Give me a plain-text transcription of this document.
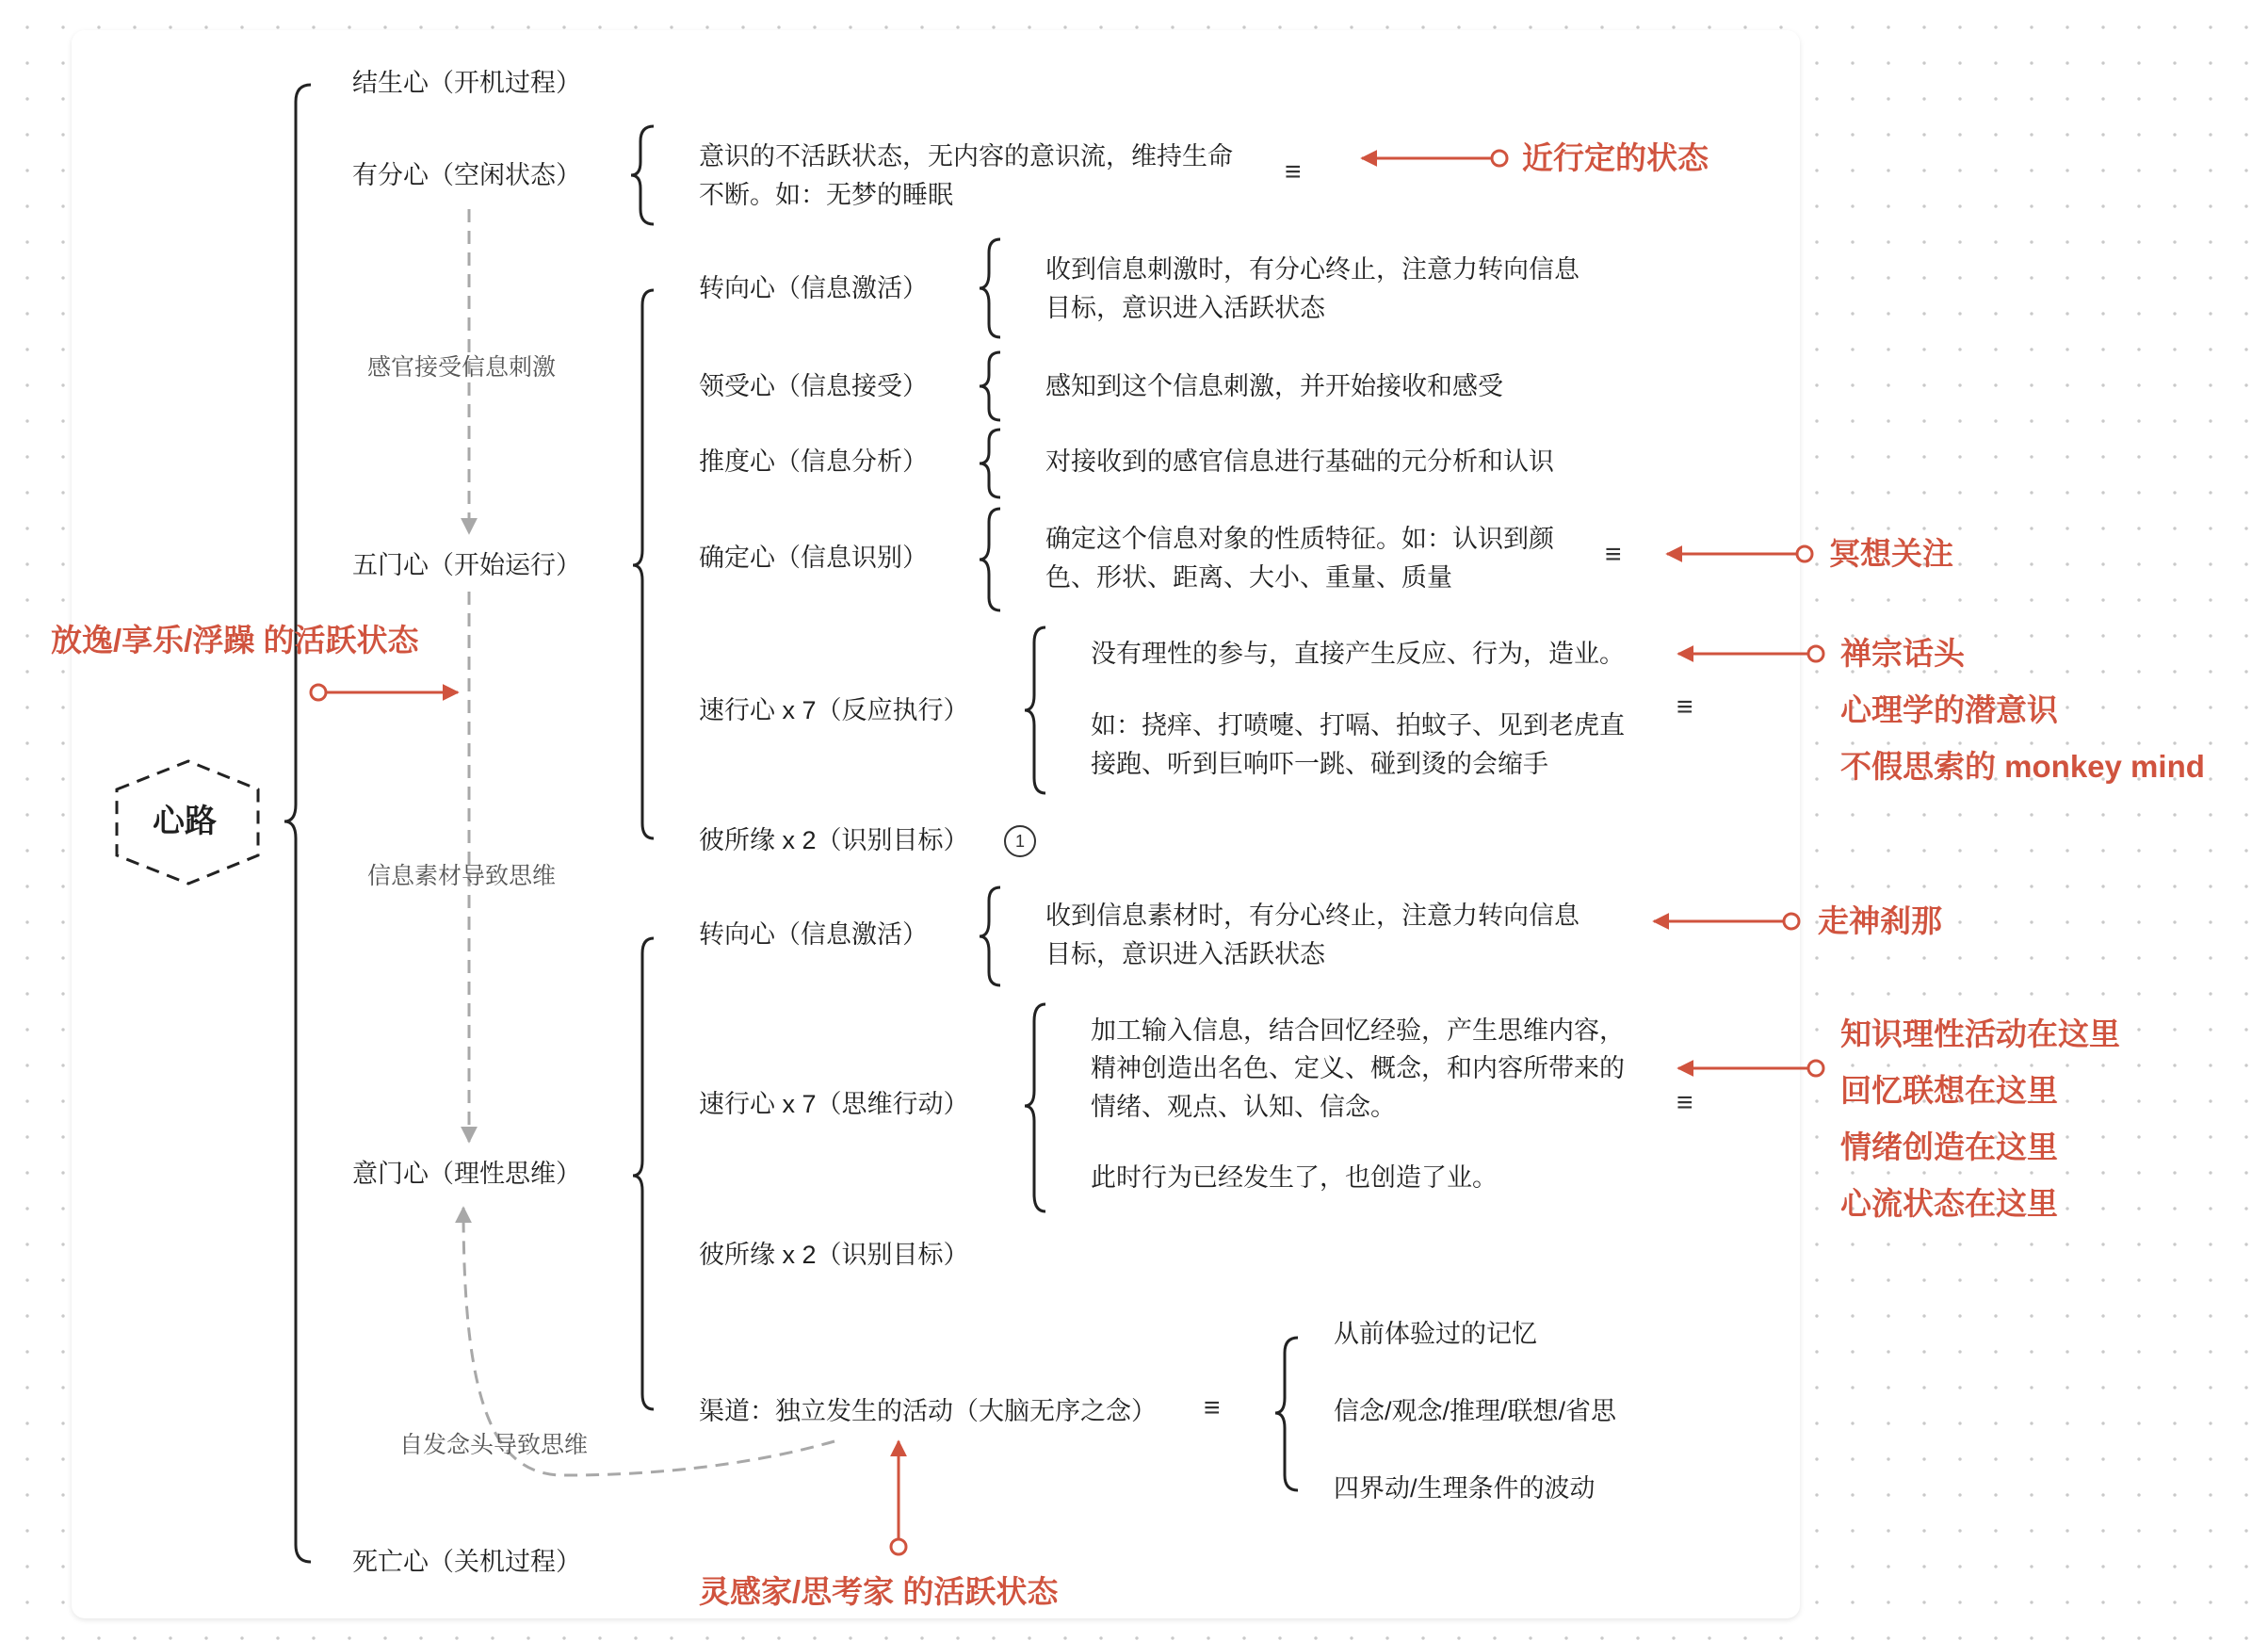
心路
结生心（开机过程）
有分心（空闲状态）
五门心（开始运行）
意门心（理性思维）
死亡心（关机过程）
意识的不活跃状态，无内容的意识流，维持生命
不断。如：无梦的睡眠
≡
转向心（信息激活）
收到信息刺激时，有分心终止，注意力转向信息
目标，意识进入活跃状态
领受心（信息接受）	感知到这个信息刺激，并开始接收和感受
推度心（信息分析）	对接收到的感官信息进行基础的元分析和认识
确定心（信息识别）
确定这个信息对象的性质特征。如：认识到颜
色、形状、距离、大小、重量、质量
≡
速行心 x 7（反应执行）
没有理性的参与，直接产生反应、行为，造业。
如：挠痒、打喷嚏、打嗝、拍蚊子、见到老虎直
接跑、听到巨响吓一跳、碰到烫的会缩手
≡
彼所缘 x 2（识别目标）	1
转向心（信息激活）
收到信息素材时，有分心终止，注意力转向信息
目标，意识进入活跃状态
速行心 x 7（思维行动）
加工输入信息，结合回忆经验，产生思维内容，
精神创造出名色、定义、概念，和内容所带来的
情绪、观点、认知、信念。
此时行为已经发生了，也创造了业。
≡
彼所缘 x 2（识别目标）
渠道：独立发生的活动（大脑无序之念） ≡
从前体验过的记忆
信念/观念/推理/联想/省思
四界动/生理条件的波动
感官接受信息刺激
信息素材导致思维
自发念头导致思维
近行定的状态
冥想关注
禅宗话头
心理学的潜意识
不假思索的 monkey mind
走神刹那
知识理性活动在这里
回忆联想在这里
情绪创造在这里
心流状态在这里
放逸/享乐/浮躁 的活跃状态
灵感家/思考家 的活跃状态
